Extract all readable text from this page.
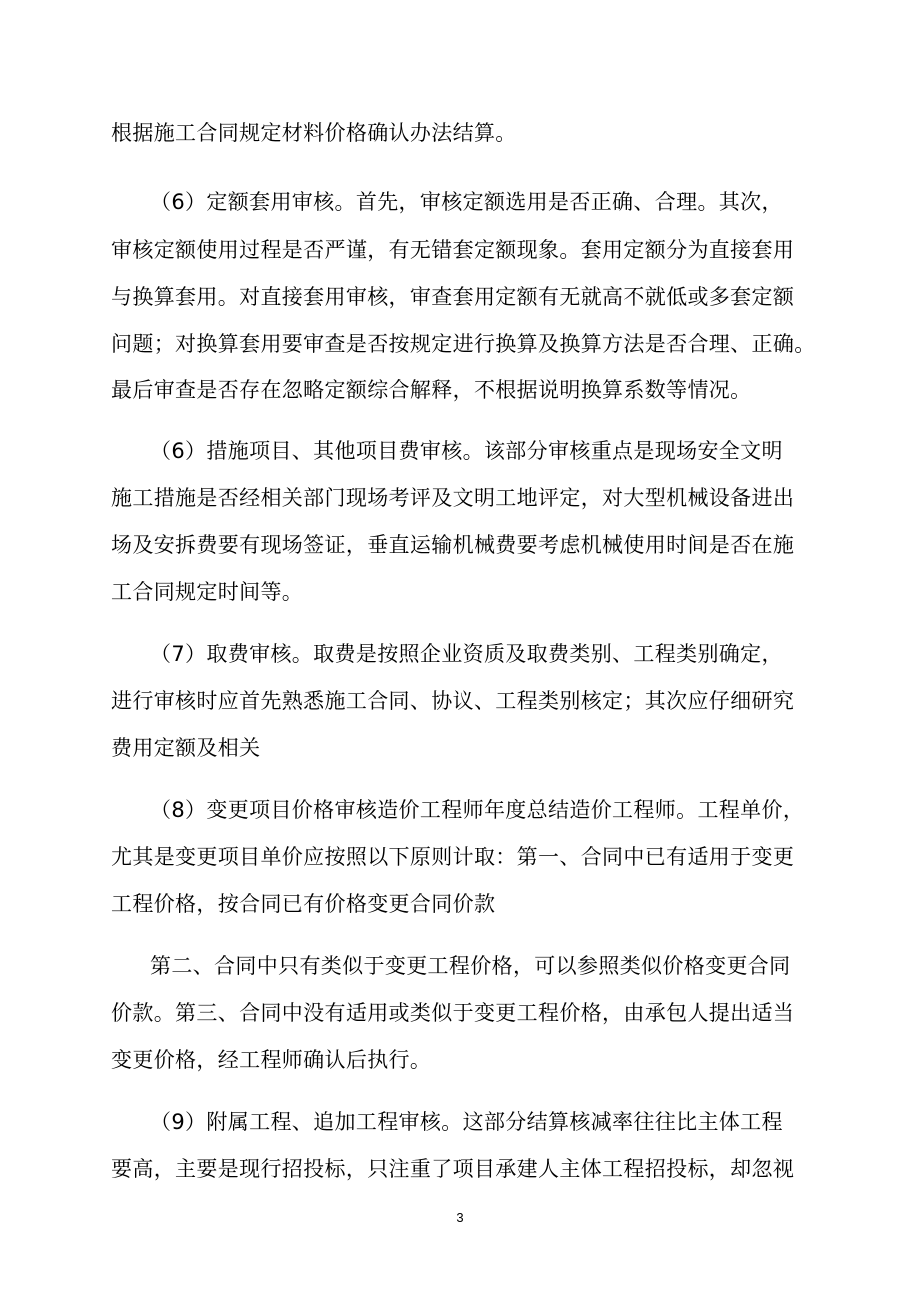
根据施工合同规定材料价格确认办法结算。
（6）定额套用审核。首先，审核定额选用是否正确、合理。其次，
审核定额使用过程是否严谨，有无错套定额现象。套用定额分为直接套用
与换算套用。对直接套用审核，审查套用定额有无就高不就低或多套定额
问题；对换算套用要审查是否按规定进行换算及换算方法是否合理、正确。
最后审查是否存在忽略定额综合解释，不根据说明换算系数等情况。
（6）措施项目、其他项目费审核。该部分审核重点是现场安全文明
施工措施是否经相关部门现场考评及文明工地评定，对大型机械设备进出
场及安拆费要有现场签证，垂直运输机械费要考虑机械使用时间是否在施
工合同规定时间等。
（7）取费审核。取费是按照企业资质及取费类别、工程类别确定，
进行审核时应首先熟悉施工合同、协议、工程类别核定；其次应仔细研究
费用定额及相关
（8）变更项目价格审核造价工程师年度总结造价工程师。工程单价，
尤其是变更项目单价应按照以下原则计取：第一、合同中已有适用于变更
工程价格，按合同已有价格变更合同价款
第二、合同中只有类似于变更工程价格，可以参照类似价格变更合同
价款。第三、合同中没有适用或类似于变更工程价格，由承包人提出适当
变更价格，经工程师确认后执行。
（9）附属工程、追加工程审核。这部分结算核减率往往比主体工程
要高，主要是现行招投标，只注重了项目承建人主体工程招投标，却忽视
3
